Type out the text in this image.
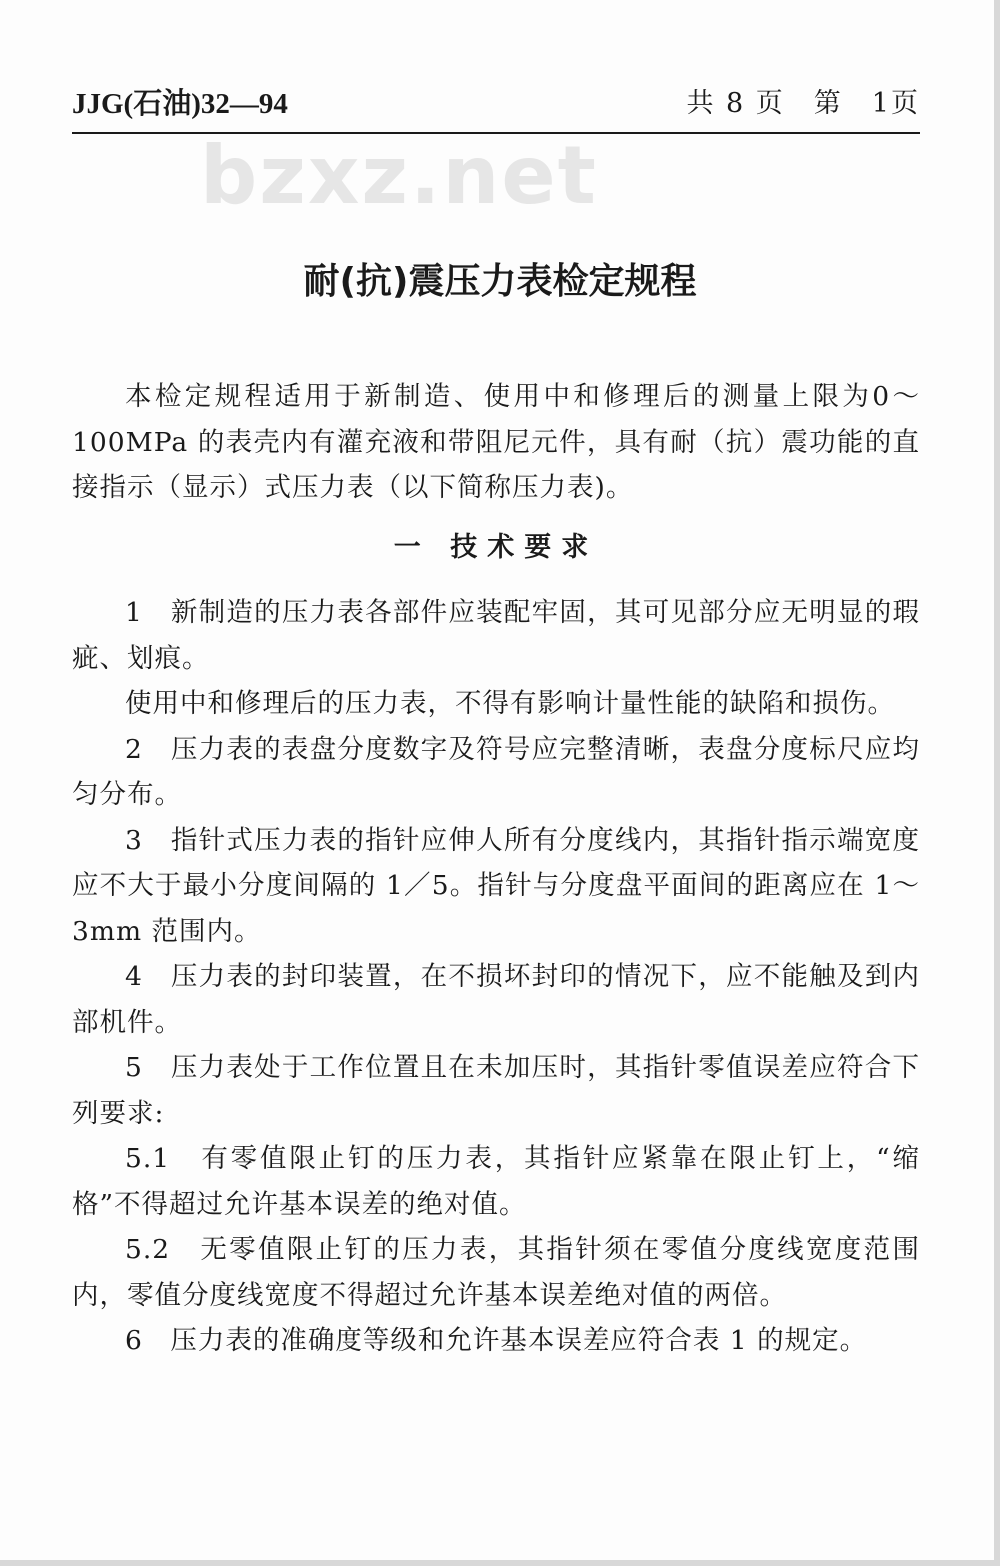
bzxz.net
JJG(石油)32—94	共 8 页　第　1页
耐(抗)震压力表检定规程

本检定规程适用于新制造、使用中和修理后的测量上限为0～100MPa 的表壳内有灌充液和带阻尼元件，具有耐（抗）震功能的直接指示（显示）式压力表（以下简称压力表)。

一 技术要求

1　新制造的压力表各部件应装配牢固，其可见部分应无明显的瑕疵、划痕。

使用中和修理后的压力表，不得有影响计量性能的缺陷和损伤。

2　压力表的表盘分度数字及符号应完整清晰，表盘分度标尺应均匀分布。

3　指针式压力表的指针应伸人所有分度线内，其指针指示端宽度应不大于最小分度间隔的 1／5。指针与分度盘平面间的距离应在 1～3mm 范围内。

4　压力表的封印装置，在不损坏封印的情况下，应不能触及到内部机件。

5　压力表处于工作位置且在未加压时，其指针零值误差应符合下列要求:

5.1　有零值限止钉的压力表，其指针应紧靠在限止钉上，“缩格”不得超过允许基本误差的绝对值。

5.2　无零值限止钉的压力表，其指针须在零值分度线宽度范围内，零值分度线宽度不得超过允许基本误差绝对值的两倍。

6　压力表的准确度等级和允许基本误差应符合表 1 的规定。
